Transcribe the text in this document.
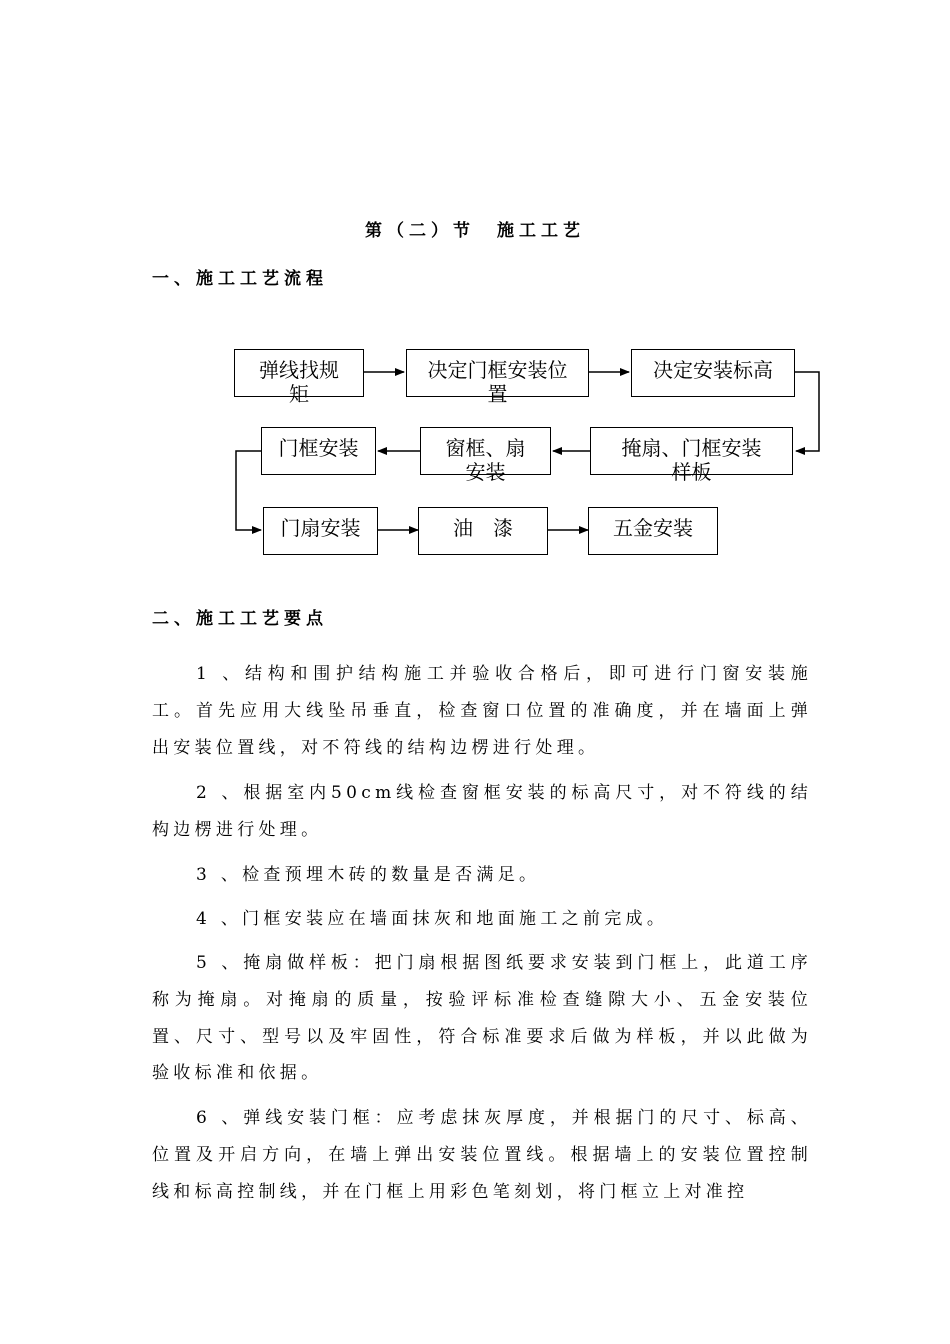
第（二）节　施工工艺
一、施工工艺流程
弹线找规
矩
决定门框安装位
置
决定安装标高
掩扇、门框安装
样板
窗框、扇
安装
门框安装
门扇安装	油　漆	五金安装
二、施工工艺要点
1 、结构和围护结构施工并验收合格后，即可进行门窗安装施工。首先应用大线坠吊垂直，检查窗口位置的准确度，并在墙面上弹出安装位置线，对不符线的结构边楞进行处理。
2 、根据室内50cm线检查窗框安装的标高尺寸，对不符线的结构边楞进行处理。
3 、检查预埋木砖的数量是否满足。
4 、门框安装应在墙面抹灰和地面施工之前完成。
5 、掩扇做样板：把门扇根据图纸要求安装到门框上，此道工序称为掩扇。对掩扇的质量，按验评标准检查缝隙大小、五金安装位置、尺寸、型号以及牢固性，符合标准要求后做为样板，并以此做为验收标准和依据。
6 、弹线安装门框：应考虑抹灰厚度，并根据门的尺寸、标高、位置及开启方向，在墙上弹出安装位置线。根据墙上的安装位置控制线和标高控制线，并在门框上用彩色笔刻划，将门框立上对准控
